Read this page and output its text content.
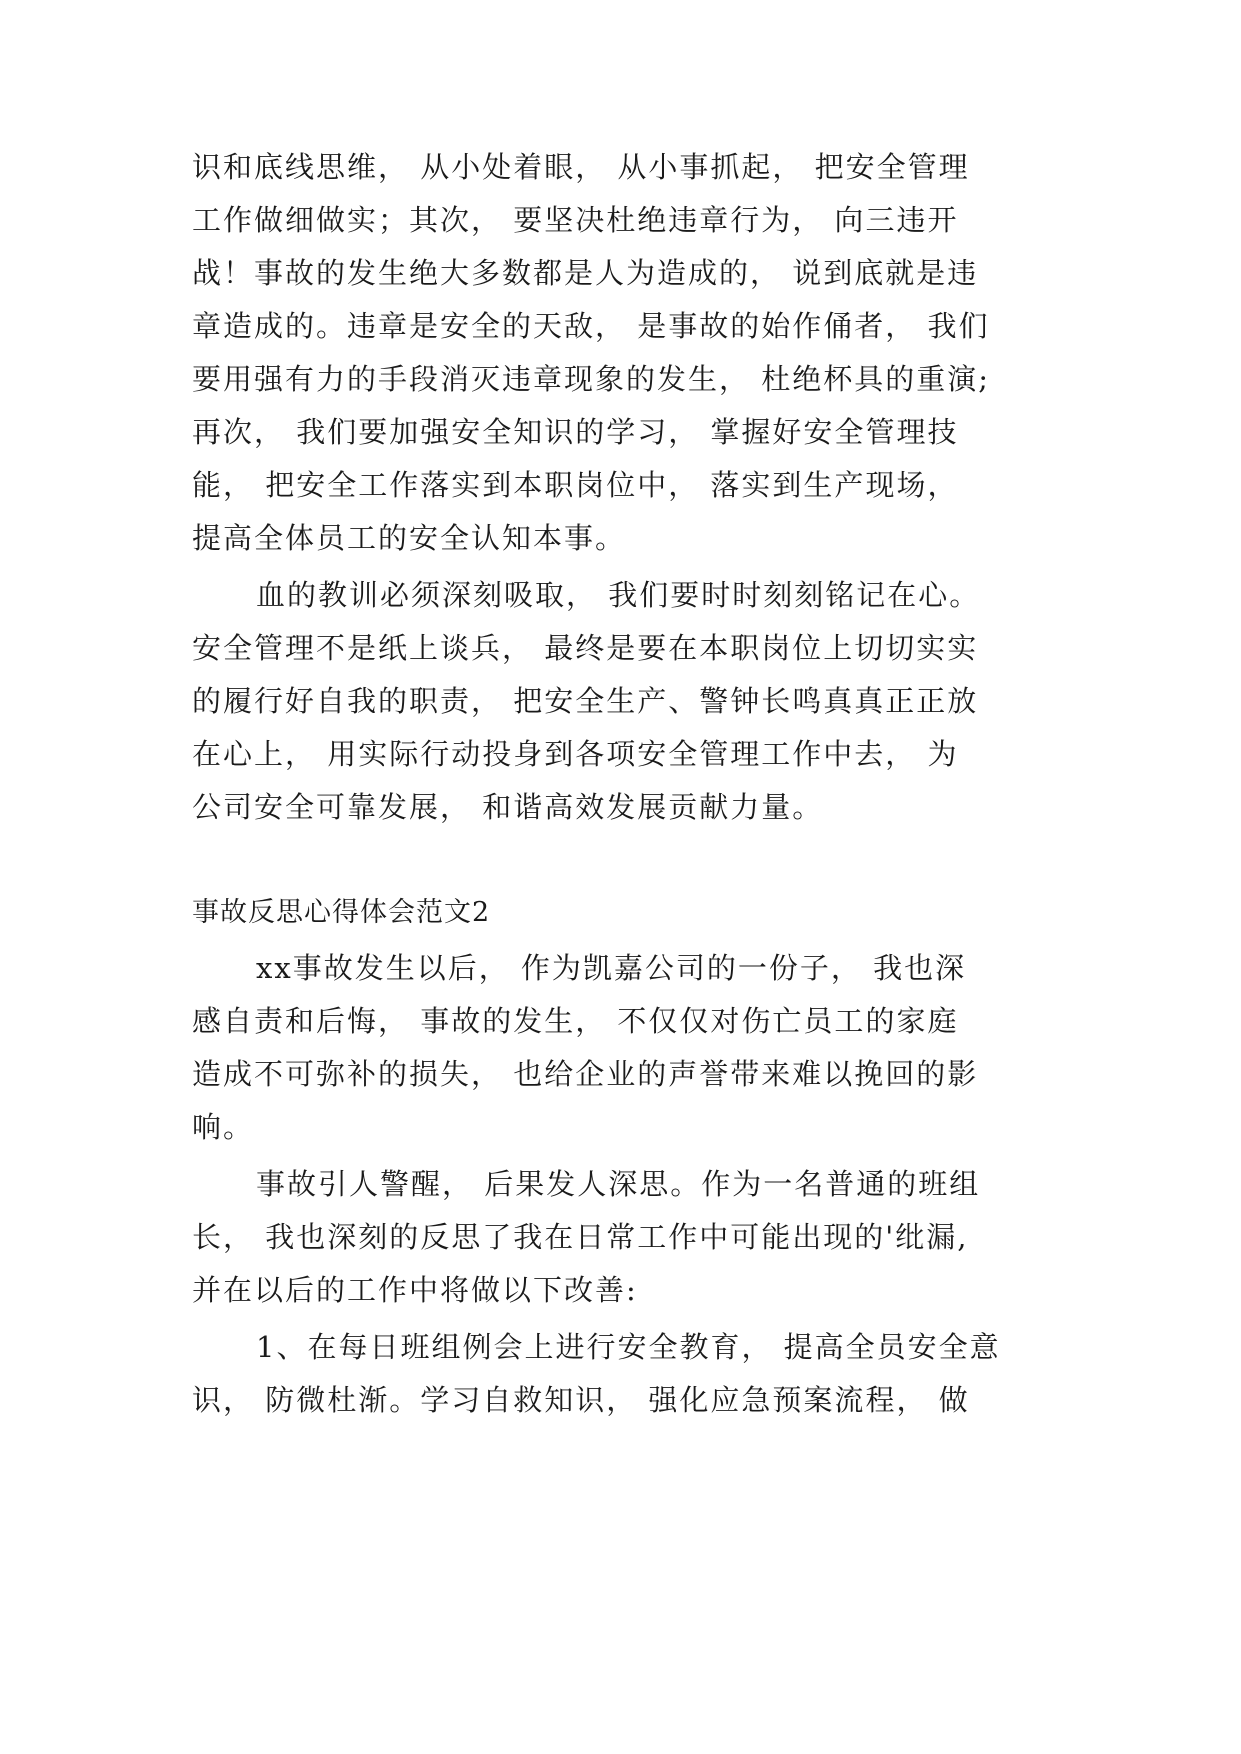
识和底线思维， 从小处着眼， 从小事抓起， 把安全管理
工作做细做实；其次， 要坚决杜绝违章行为， 向三违开
战！事故的发生绝大多数都是人为造成的， 说到底就是违
章造成的。违章是安全的天敌， 是事故的始作俑者， 我们
要用强有力的手段消灭违章现象的发生， 杜绝杯具的重演;
再次， 我们要加强安全知识的学习， 掌握好安全管理技
能， 把安全工作落实到本职岗位中， 落实到生产现场，
提高全体员工的安全认知本事。
血的教训必须深刻吸取， 我们要时时刻刻铭记在心。
安全管理不是纸上谈兵， 最终是要在本职岗位上切切实实
的履行好自我的职责， 把安全生产、警钟长鸣真真正正放
在心上， 用实际行动投身到各项安全管理工作中去， 为
公司安全可靠发展， 和谐高效发展贡献力量。
事故反思心得体会范文2
xx事故发生以后， 作为凯嘉公司的一份子， 我也深
感自责和后悔， 事故的发生， 不仅仅对伤亡员工的家庭
造成不可弥补的损失， 也给企业的声誉带来难以挽回的影
响。
事故引人警醒， 后果发人深思。作为一名普通的班组
长， 我也深刻的反思了我在日常工作中可能出现的'纰漏,
并在以后的工作中将做以下改善:
1、在每日班组例会上进行安全教育， 提高全员安全意
识， 防微杜渐。学习自救知识， 强化应急预案流程， 做
